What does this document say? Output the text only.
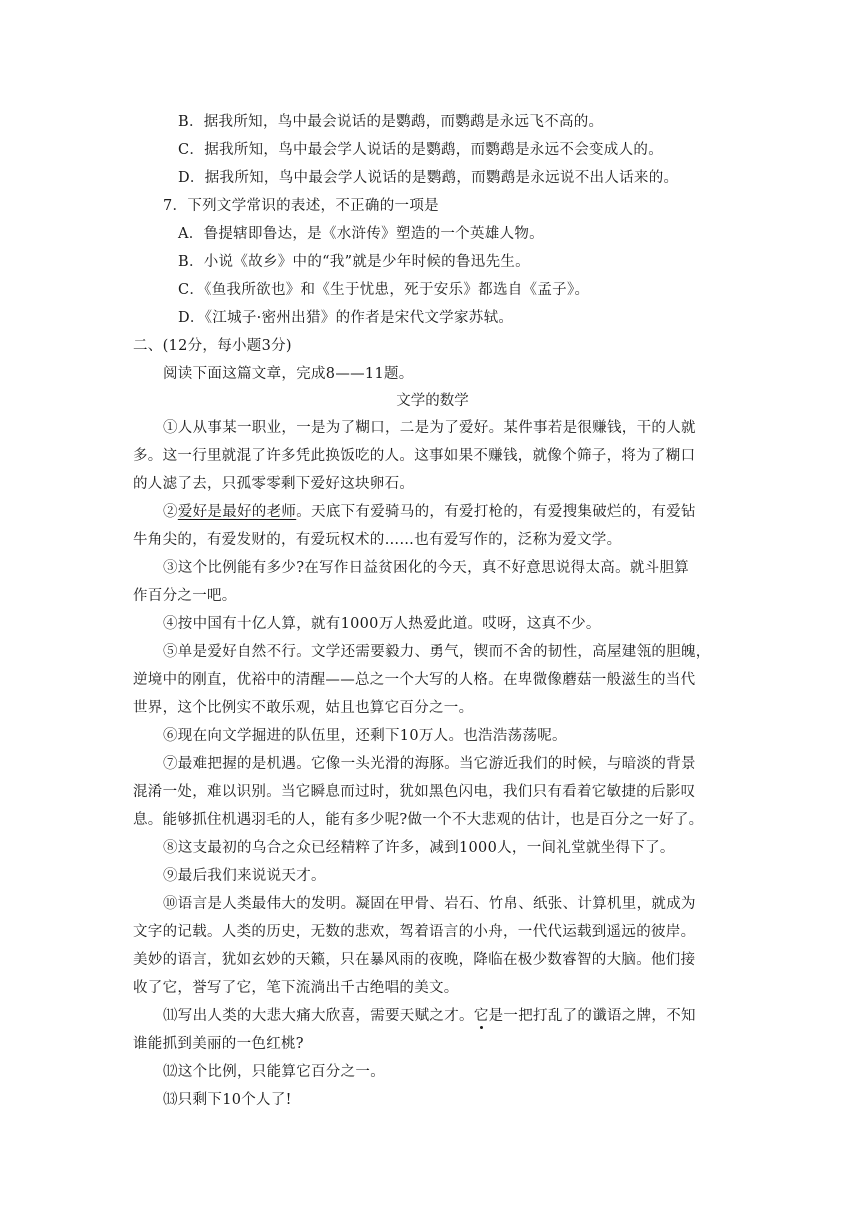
B．据我所知，鸟中最会说话的是鹦鹉，而鹦鹉是永远飞不高的。
C．据我所知，鸟中最会学人说话的是鹦鹉，而鹦鹉是永远不会变成人的。
D．据我所知，鸟中最会学人说话的是鹦鹉，而鹦鹉是永远说不出人话来的。
7．下列文学常识的表述，不正确的一项是
A．鲁提辖即鲁达，是《水浒传》塑造的一个英雄人物。
B．小说《故乡》中的“我”就是少年时候的鲁迅先生。
C．《鱼我所欲也》和《生于忧患，死于安乐》都选自《孟子》。
D．《江城子·密州出猎》的作者是宋代文学家苏轼。
二、(12分，每小题3分)
阅读下面这篇文章，完成8——11题。
文学的数学
①人从事某一职业，一是为了糊口，二是为了爱好。某件事若是很赚钱，干的人就
多。这一行里就混了许多凭此换饭吃的人。这事如果不赚钱，就像个筛子，将为了糊口
的人滤了去，只孤零零剩下爱好这块卵石。
②爱好是最好的老师。天底下有爱骑马的，有爱打枪的，有爱搜集破烂的，有爱钻
牛角尖的，有爱发财的，有爱玩权术的……也有爱写作的，泛称为爱文学。
③这个比例能有多少?在写作日益贫困化的今天，真不好意思说得太高。就斗胆算
作百分之一吧。
④按中国有十亿人算，就有1000万人热爱此道。哎呀，这真不少。
⑤单是爱好自然不行。文学还需要毅力、勇气，锲而不舍的韧性，高屋建瓴的胆魄，
逆境中的刚直，优裕中的清醒——总之一个大写的人格。在卑微像蘑菇一般滋生的当代
世界，这个比例实不敢乐观，姑且也算它百分之一。
⑥现在向文学掘进的队伍里，还剩下10万人。也浩浩荡荡呢。
⑦最难把握的是机遇。它像一头光滑的海豚。当它游近我们的时候，与暗淡的背景
混淆一处，难以识别。当它瞬息而过时，犹如黑色闪电，我们只有看着它敏捷的后影叹
息。能够抓住机遇羽毛的人，能有多少呢?做一个不大悲观的估计，也是百分之一好了。
⑧这支最初的乌合之众已经精粹了许多，减到1000人，一间礼堂就坐得下了。
⑨最后我们来说说天才。
⑩语言是人类最伟大的发明。凝固在甲骨、岩石、竹帛、纸张、计算机里，就成为
文字的记载。人类的历史，无数的悲欢，驾着语言的小舟，一代代运载到遥远的彼岸。
美妙的语言，犹如玄妙的天籁，只在暴风雨的夜晚，降临在极少数睿智的大脑。他们接
收了它，誉写了它，笔下流淌出千古绝唱的美文。
⑾写出人类的大悲大痛大欣喜，需要天赋之才。它是一把打乱了的谶语之牌，不知
谁能抓到美丽的一色红桃?
⑿这个比例，只能算它百分之一。
⒀只剩下10个人了!
